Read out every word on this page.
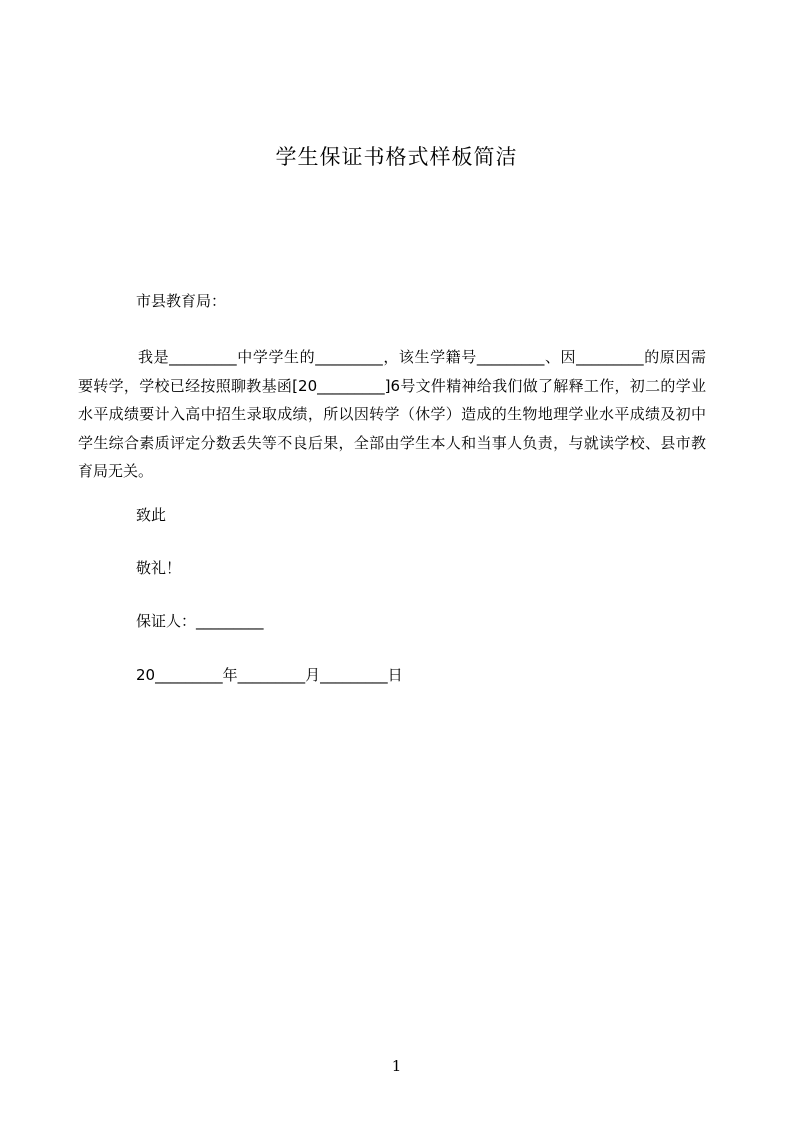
学生保证书格式样板简洁
市县教育局：
我是_________中学学生的_________，该生学籍号_________、因_________的原因需要转学，学校已经按照聊教基函[20_________]6号文件精神给我们做了解释工作，初二的学业水平成绩要计入高中招生录取成绩，所以因转学（休学）造成的生物地理学业水平成绩及初中学生综合素质评定分数丢失等不良后果，全部由学生本人和当事人负责，与就读学校、县市教育局无关。
致此
敬礼！
保证人：_________
20_________年_________月_________日
1
